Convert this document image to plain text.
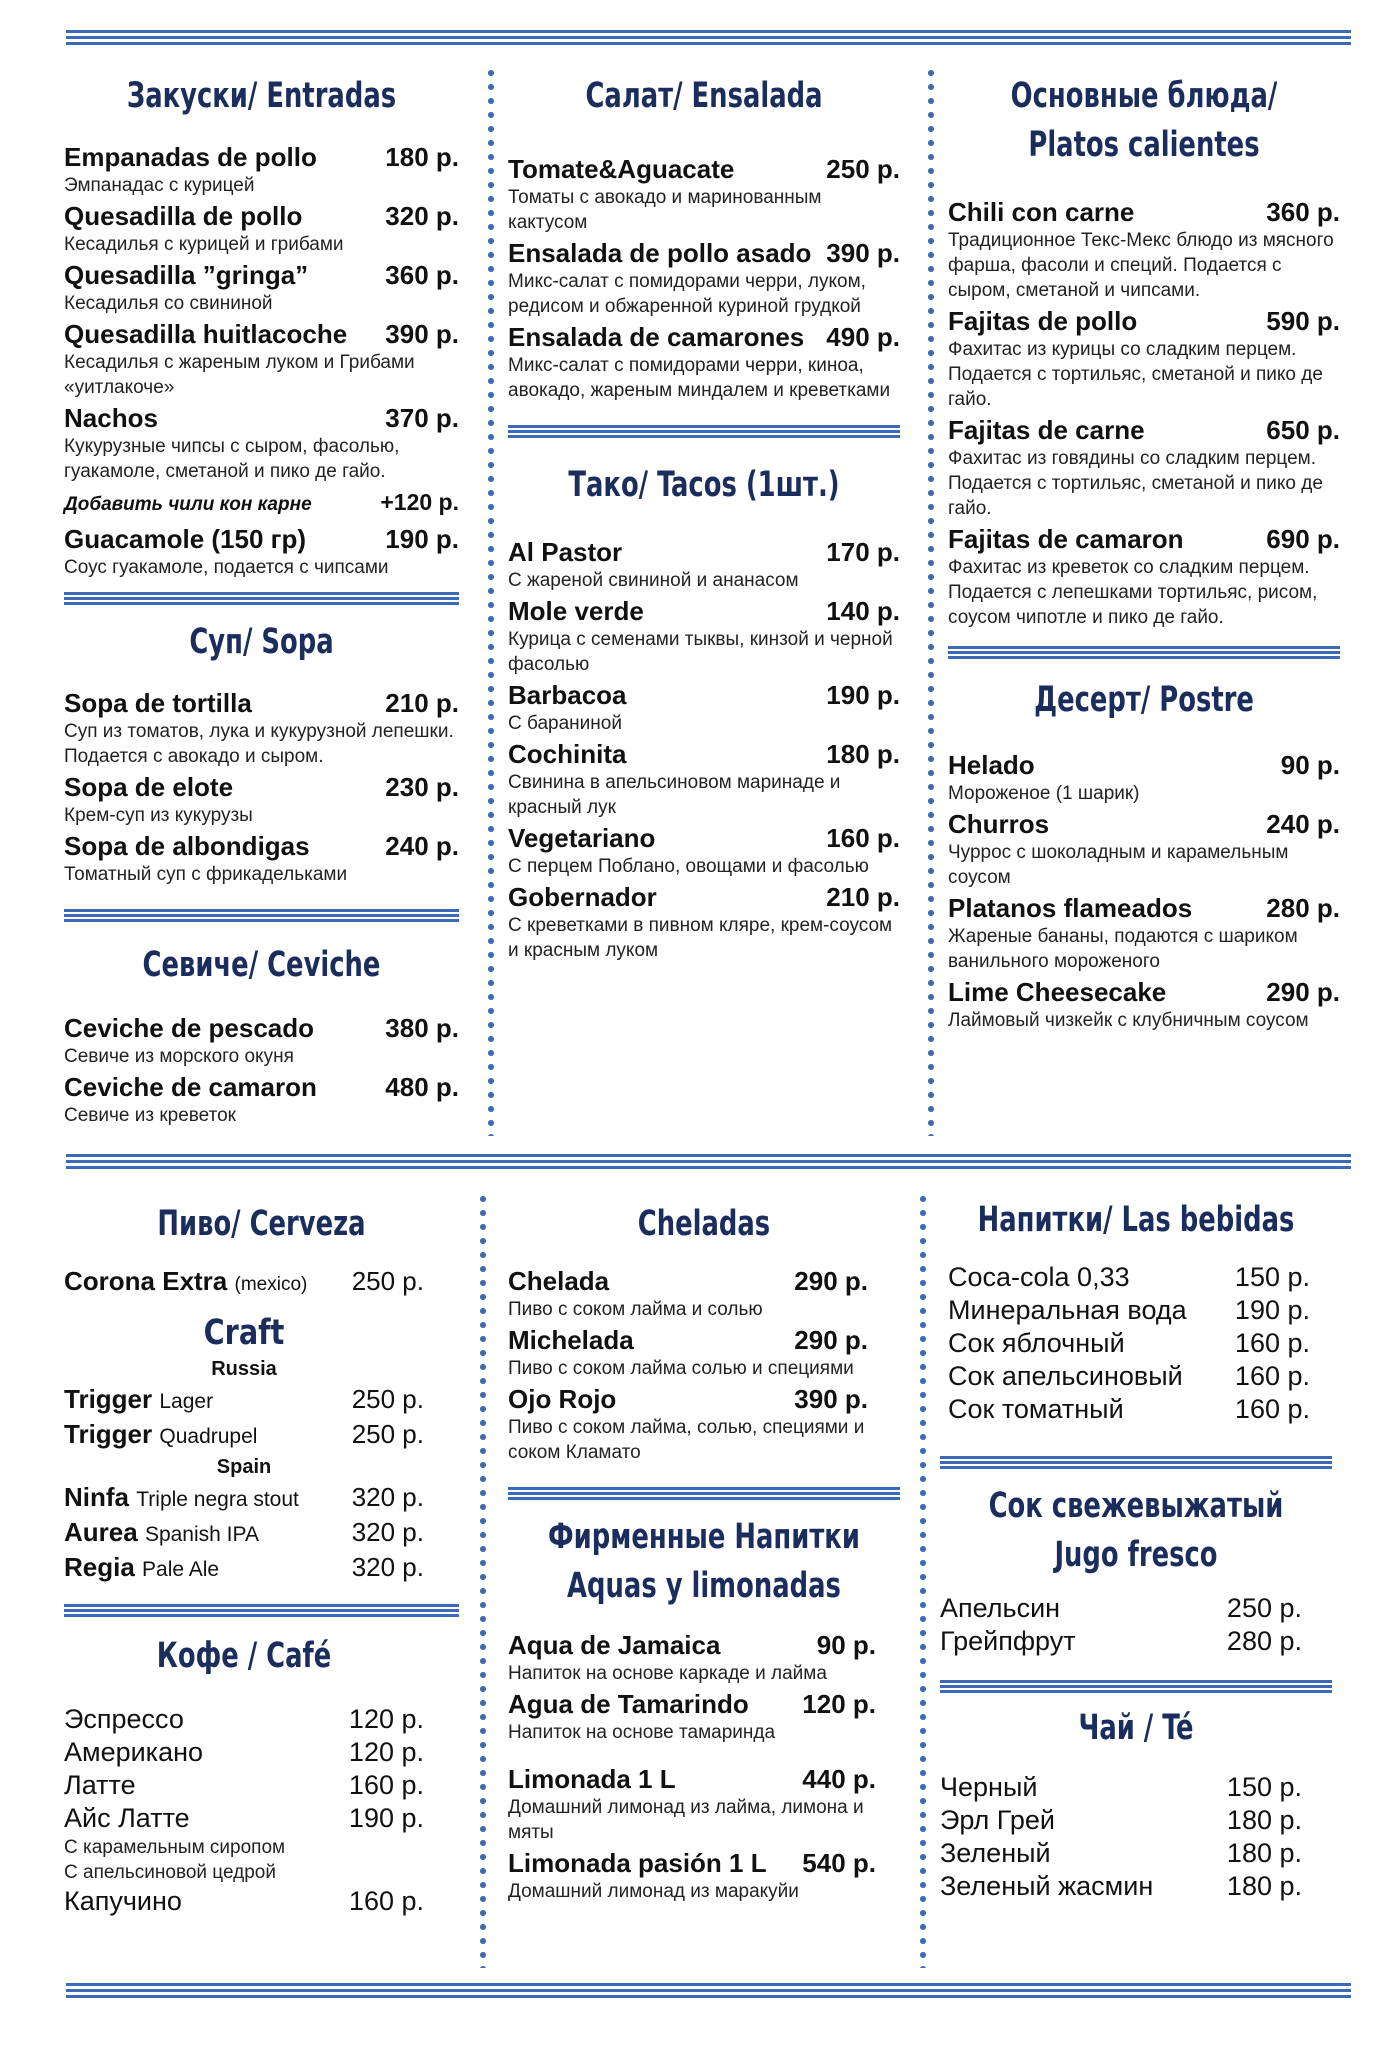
Закуски/ Entradas
Empanadas de pollo	180 р.
Эмпанадас с курицей
Quesadilla de pollo	320 р.
Кесадилья с курицей и грибами
Quesadilla ”gringa”	360 р.
Кесадилья со свининой
Quesadilla huitlacoche 390 р.
Кесадилья с жареным луком и Грибами «уитлакоче»
Nachos	370 р.
Кукурузные чипсы с сыром, фасолью, гуакамоле, сметаной и пико де гайо.
Добавить чили кон карне	+120 р.
Guacamole (150 гр)	190 р.
Соус гуакамоле, подается с чипсами
Суп/ Sopa
Sopa de tortilla	210 р.
Суп из томатов, лука и кукурузной лепешки. Подается с авокадо и сыром.
Sopa de elote	230 р.
Крем-суп из кукурузы
Sopa de albondigas	240 р.
Томатный суп с фрикадельками
Севиче/ Ceviche
Ceviche de pescado	380 р.
Севиче из морского окуня
Ceviche de camaron	480 р.
Севиче из креветок
Салат/ Ensalada
Tomate&Aguacate	250 р.
Томаты с авокадо и маринованным кактусом
Ensalada de pollo asado 390 р.
Микс-салат с помидорами черри, луком, редисом и обжаренной куриной грудкой
Ensalada de camarones 490 р.
Микс-салат с помидорами черри, киноа, авокадо, жареным миндалем и креветками
Тако/ Tacos (1шт.)
Al Pastor	170 р.
С жареной свининой и ананасом
Mole verde	140 р.
Курица с семенами тыквы, кинзой и черной фасолью
Barbacoa	190 р.
С бараниной
Cochinita	180 р.
Свинина в апельсиновом маринаде и красный лук
Vegetariano	160 р.
С перцем Поблано, овощами и фасолью
Gobernador	210 р.
С креветками в пивном кляре, крем-соусом и красным луком
Основные блюда/
Platos calientes
Chili con carne	360 р.
Традиционное Текс-Мекс блюдо из мясного фарша, фасоли и специй. Подается с сыром, сметаной и чипсами.
Fajitas de pollo	590 р.
Фахитас из курицы со сладким перцем. Подается с тортильяс, сметаной и пико де гайо.
Fajitas de carne	650 р.
Фахитас из говядины со сладким перцем. Подается с тортильяс, сметаной и пико де гайо.
Fajitas de camaron	690 р.
Фахитас из креветок со сладким перцем. Подается с лепешками тортильяс, рисом, соусом чипотле и пико де гайо.
Десерт/ Postre
Helado	90 р.
Мороженое (1 шарик)
Churros	240 р.
Чуррос с шоколадным и карамельным соусом
Platanos flameados	280 р.
Жареные бананы, подаются с шариком ванильного мороженого
Lime Cheesecake	290 р.
Лаймовый чизкейк с клубничным соусом
Пиво/ Cerveza
Corona Extra (mexico) 250 р.
Craft
Russia
Trigger Lager	250 р.
Trigger Quadrupel	250 р.
Spain
Ninfa Triple negra stout 320 р.
Aurea Spanish IPA	320 р.
Regia Pale Ale	320 р.
Кофе / Café
Эспрессо	120 р.
Американо	120 р.
Латте	160 р.
Айс Латте	190 р.
С карамельным сиропом
С апельсиновой цедрой
Капучино	160 р.
Cheladas
Chelada	290 р.
Пиво с соком лайма и солью
Michelada	290 р.
Пиво с соком лайма солью и специями
Ojo Rojo	390 р.
Пиво с соком лайма, солью, специями и соком Кламато
Фирменные Напитки
Aquas y limonadas
Aqua de Jamaica	90 р.
Напиток на основе каркаде и лайма
Agua de Tamarindo 120 р.
Напиток на основе тамаринда
Limonada 1 L	440 р.
Домашний лимонад из лайма, лимона и мяты
Limonada pasión 1 L 540 р.
Домашний лимонад из маракуйи
Напитки/ Las bebidas
Coca-cola 0,33	150 р.
Минеральная вода 190 р.
Сок яблочный	160 р.
Сок апельсиновый 160 р.
Сок томатный	160 р.
Сок свежевыжатый
Jugo fresco
Апельсин	250 р.
Грейпфрут	280 р.
Чай / Té
Черный	150 р.
Эрл Грей	180 р.
Зеленый	180 р.
Зеленый жасмин	180 р.
